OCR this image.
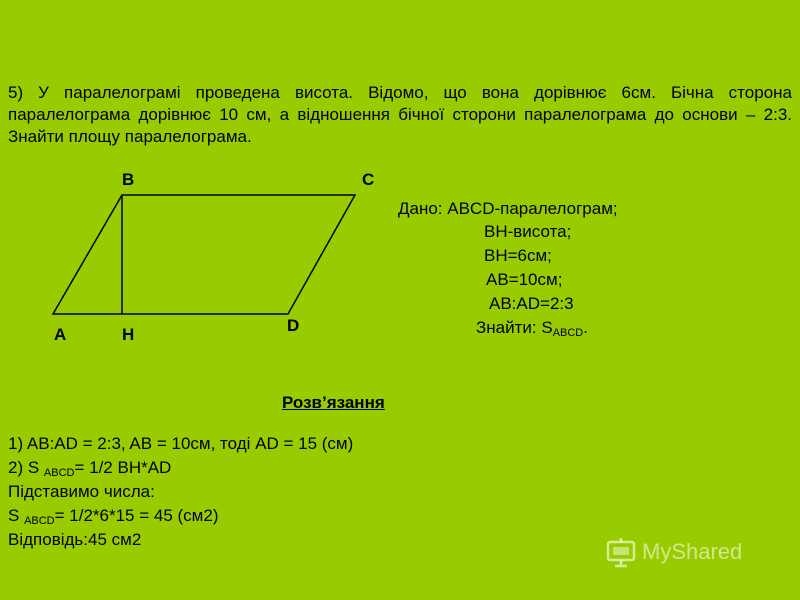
5) У паралелограмі проведена висота. Відомо, що вона дорівнює 6см. Бічна сторона паралелограма дорівнює 10 см, а відношення бічної сторони паралелограма до основи – 2:3. Знайти площу паралелограма.
B	C
A	H	D
Дано: ABCD-паралелограм;
BH-висота;
BH=6см;
AB=10см;
AB:AD=2:3
Знайти: $S_{ABCD}$.
Розв’язання
1) AB:AD = 2:3, AB = 10см, тоді AD = 15 (см)
2) S $_{ABCD}$= 1/2 BH*AD
Підставимо числа:
S $_{ABCD}$= 1/2*6*15 = 45 (см2)
Відповідь:45 см2	MyShared
